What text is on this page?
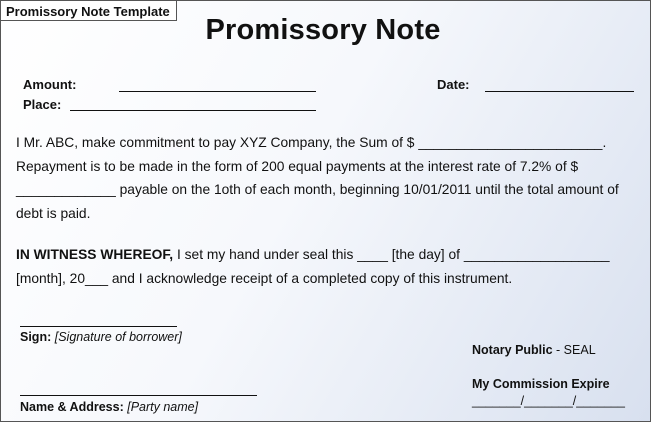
Promissory Note Template
Promissory Note
Amount:
Place:
Date:
I Mr. ABC, make commitment to pay XYZ Company, the Sum of $ ________________________. Repayment is to be made in the form of 200 equal payments at the interest rate of 7.2% of $ _____________ payable on the 1oth of each month, beginning 10/01/2011 until the total amount of debt is paid.
IN WITNESS WHEREOF, I set my hand under seal this ____ [the day] of ___________________ [month], 20___ and I acknowledge receipt of a completed copy of this instrument.
Sign: [Signature of borrower]
Name & Address: [Party name]
Notary Public - SEAL
My Commission Expire
_______/_______/_______
